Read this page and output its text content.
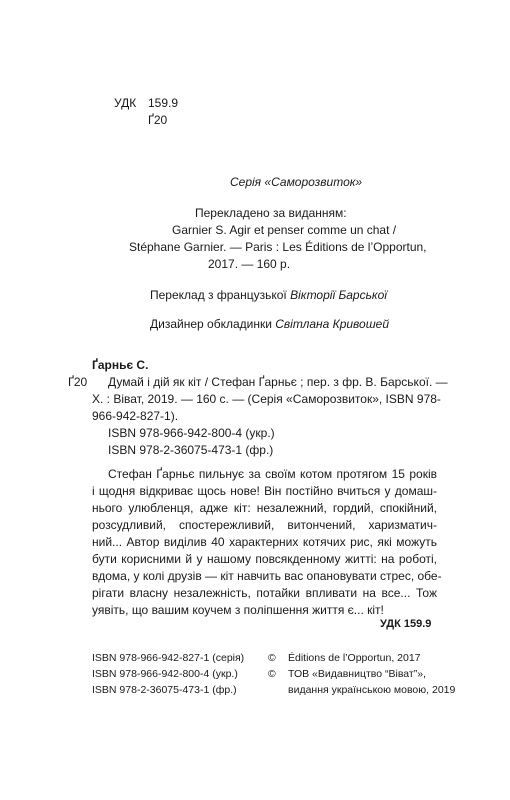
УДК 159.9
Ґ20
Серія «Саморозвиток»
Перекладено за виданням:
Garnier S. Agir et penser comme un chat /
Stéphane Garnier. — Paris : Les Éditions de l’Opportun,
2017. — 160 p.
Переклад з французької Вікторії Барської
Дизайнер обкладинки Світлана Кривошей
Ґарньє С.
Ґ20 Думай і дій як кіт / Стефан Ґарньє ; пер. з фр. В. Барської. —
Х. : Віват, 2019. — 160 с. — (Серія «Саморозвиток», ISBN 978-
966-942-827-1).
ISBN 978-966-942-800-4 (укр.)
ISBN 978-2-36075-473-1 (фр.)
Стефан Ґарньє пильнує за своїм котом протягом 15 років
і щодня відкриває щось нове! Він постійно вчиться у домаш-
нього улюбленця, адже кіт: незалежний, гордий, спокійний,
розсудливий, спостережливий, витончений, харизматич-
ний... Автор виділив 40 характерних котячих рис, які можуть
бути корисними й у нашому повсякденному житті: на роботі,
вдома, у колі друзів — кіт навчить вас опановувати стрес, обе-
рігати власну незалежність, потайки впливати на все... Тож
уявіть, що вашим коучем з поліпшення життя є... кіт!
УДК 159.9
ISBN 978-966-942-827-1 (серія)
ISBN 978-966-942-800-4 (укр.)
ISBN 978-2-36075-473-1 (фр.)
© Éditions de l’Opportun, 2017
© ТОВ «Видавництво “Віват”»,
видання українською мовою, 2019
